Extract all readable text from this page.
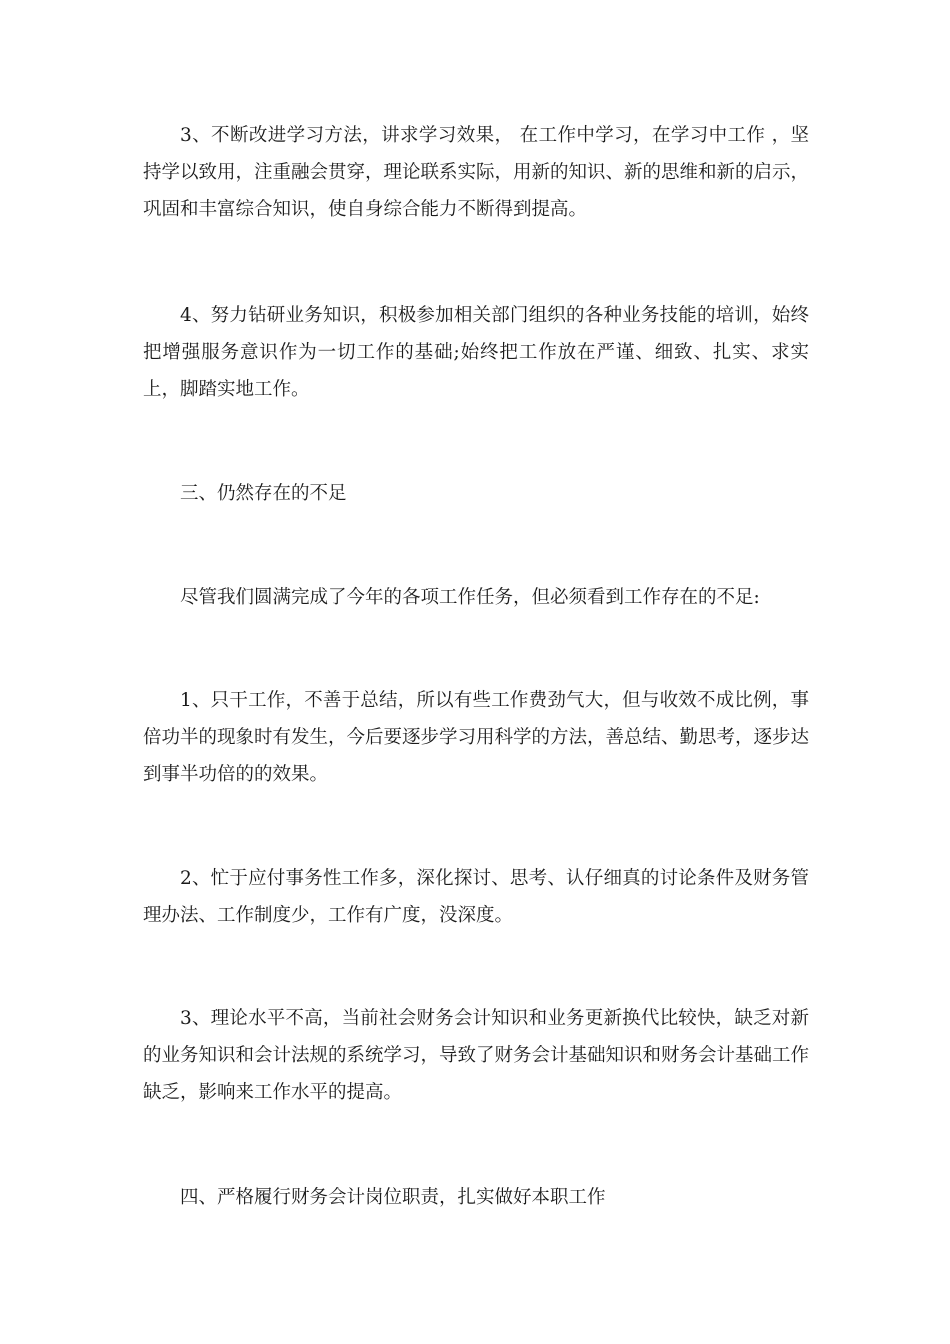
3、不断改进学习方法，讲求学习效果， 在工作中学习，在学习中工作 ，坚持学以致用，注重融会贯穿，理论联系实际，用新的知识、新的思维和新的启示，巩固和丰富综合知识，使自身综合能力不断得到提高。

4、努力钻研业务知识，积极参加相关部门组织的各种业务技能的培训，始终把增强服务意识作为一切工作的基础;始终把工作放在严谨、细致、扎实、求实上，脚踏实地工作。

三、仍然存在的不足

尽管我们圆满完成了今年的各项工作任务，但必须看到工作存在的不足:

1、只干工作，不善于总结，所以有些工作费劲气大，但与收效不成比例，事倍功半的现象时有发生，今后要逐步学习用科学的方法，善总结、勤思考，逐步达到事半功倍的的效果。

2、忙于应付事务性工作多，深化探讨、思考、认仔细真的讨论条件及财务管理办法、工作制度少，工作有广度，没深度。

3、理论水平不高，当前社会财务会计知识和业务更新换代比较快，缺乏对新的业务知识和会计法规的系统学习，导致了财务会计基础知识和财务会计基础工作缺乏，影响来工作水平的提高。

四、严格履行财务会计岗位职责，扎实做好本职工作
